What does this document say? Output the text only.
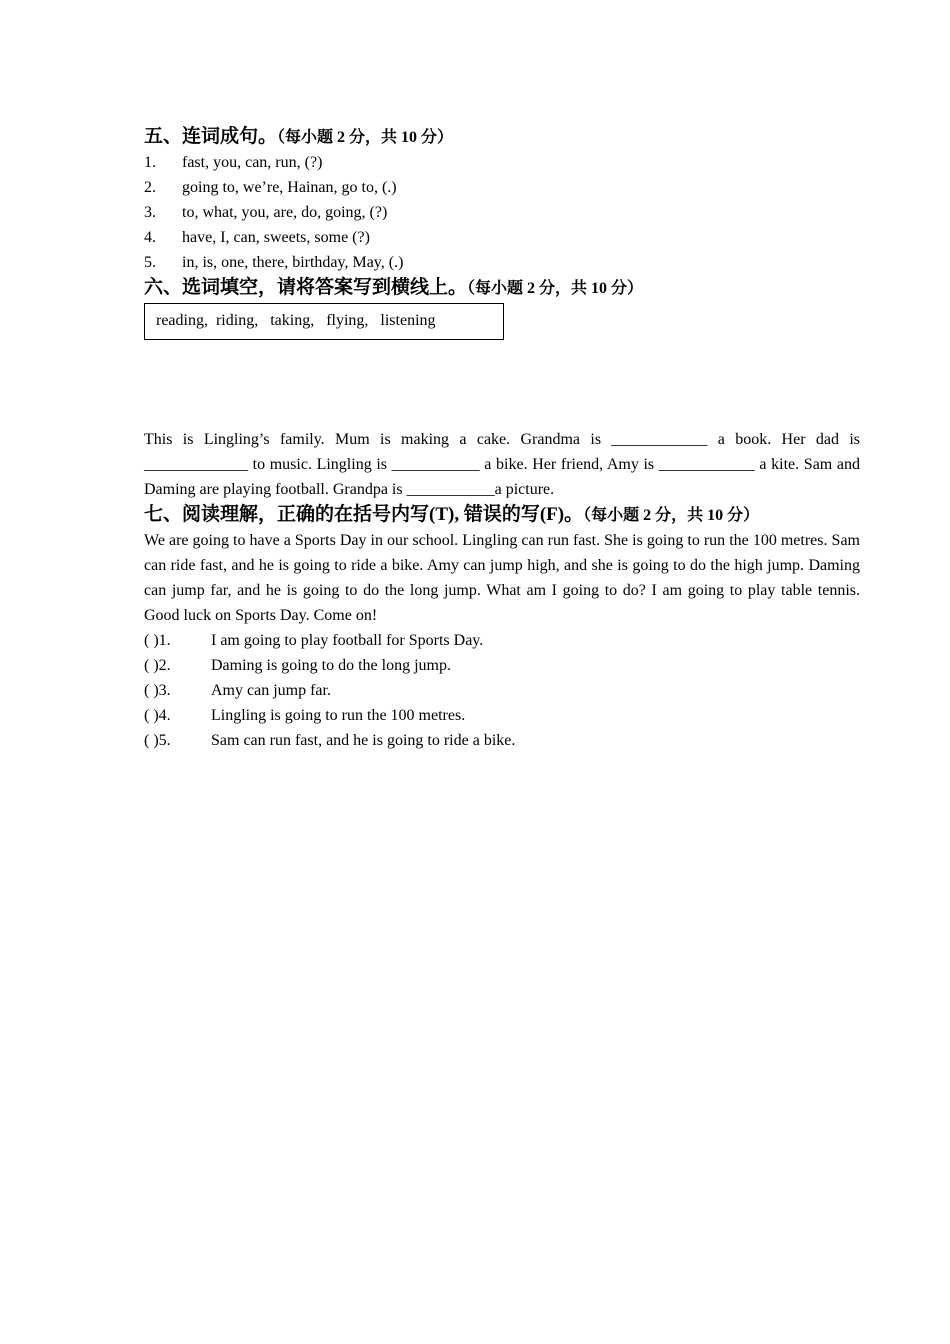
五、连词成句。（每小题 2 分，共 10 分）
1. fast, you, can, run, (?)
2. going to, we’re, Hainan, go to, (.)
3. to, what, you, are, do, going, (?)
4. have, I, can, sweets, some (?)
5. in, is, one, there, birthday, May, (.)
六、选词填空，请将答案写到横线上。（每小题 2 分，共 10 分）
reading,  riding,   taking,   flying,   listening
This is Lingling’s family. Mum is making a cake. Grandma is ____________ a book. Her dad is _____________ to music. Lingling is ___________ a bike. Her friend, Amy is ____________ a kite. Sam and Daming are playing football. Grandpa is ___________a picture.
七、阅读理解，正确的在括号内写(T), 错误的写(F)。（每小题 2 分，共 10 分）
We are going to have a Sports Day in our school. Lingling can run fast. She is going to run the 100 metres. Sam can ride fast, and he is going to ride a bike. Amy can jump high, and she is going to do the high jump. Daming can jump far, and he is going to do the long jump. What am I going to do? I am going to play table tennis. Good luck on Sports Day. Come on!
( )1.	I am going to play football for Sports Day.
( )2.	Daming is going to do the long jump.
( )3.	Amy can jump far.
( )4.	Lingling is going to run the 100 metres.
( )5.	Sam can run fast, and he is going to ride a bike.
